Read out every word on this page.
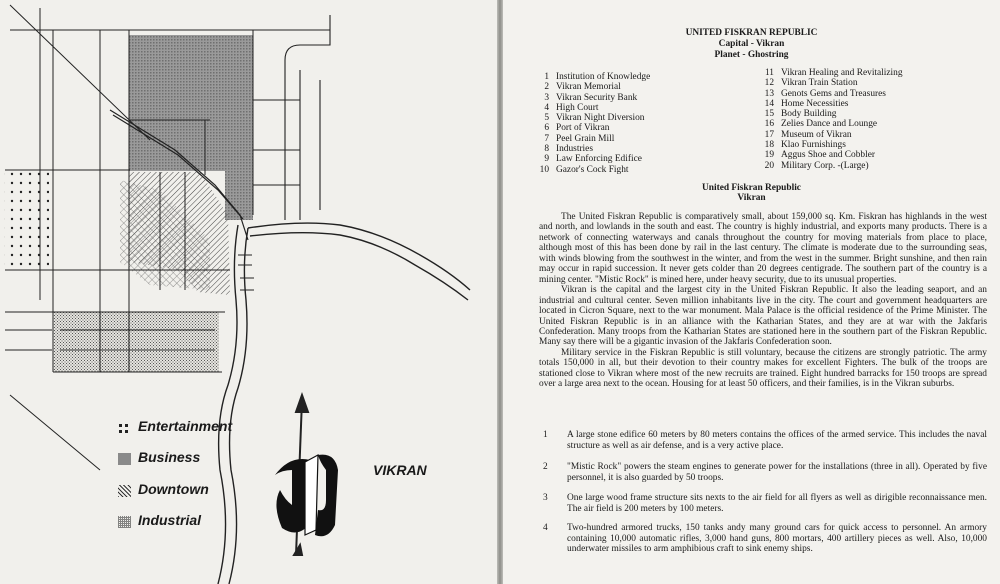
Entertainment
Business
Downtown
Industrial
VIKRAN
UNITED FISKRAN REPUBLIC
Capital - Vikran
Planet - Ghostring
1 Institution of Knowledge
2 Vikran Memorial
3 Vikran Security Bank
4 High Court
5 Vikran Night Diversion
6 Port of Vikran
7 Peel Grain Mill
8 Industries
9 Law Enforcing Edifice
10 Gazor's Cock Fight
11 Vikran Healing and Revitalizing
12 Vikran Train Station
13 Genots Gems and Treasures
14 Home Necessities
15 Body Building
16 Zelies Dance and Lounge
17 Museum of Vikran
18 Klao Furnishings
19 Aggus Shoe and Cobbler
20 Military Corp. -(Large)
United Fiskran Republic
Vikran

The United Fiskran Republic is comparatively small, about 159,000 sq. Km. Fiskran has highlands in the west and north, and lowlands in the south and east. The country is highly industrial, and exports many products. There is a network of connecting waterways and canals throughout the country for moving materials from place to place, although most of this has been done by rail in the last century. The climate is moderate due to the surrounding seas, with winds blowing from the southwest in the winter, and from the west in the summer. Bright sunshine, and then rain may occur in rapid succession. It never gets colder than 20 degrees centigrade. The southern part of the country is a mining center. "Mistic Rock" is mined here, under heavy security, due to its unusual properties.

Vikran is the capital and the largest city in the United Fiskran Republic. It also the leading seaport, and an industrial and cultural center. Seven million inhabitants live in the city. The court and government headquarters are located in Cicron Square, next to the war monument. Mala Palace is the official residence of the Prime Minister. The United Fiskran Republic is in an alliance with the Katharian States, and they are at war with the Jakfaris Confederation. Many troops from the Katharian States are stationed here in the southern part of the Fiskran Republic. Many say there will be a gigantic invasion of the Jakfaris Confederation soon.

Military service in the Fiskran Republic is still voluntary, because the citizens are strongly patriotic. The army totals 150,000 in all, but their devotion to their country makes for excellent Fighters. The bulk of the troops are stationed close to Vikran where most of the new recruits are trained. Eight hundred barracks for 150 troops are spread over a large area next to the ocean. Housing for at least 50 officers, and their families, is in the Vikran suburbs.

1 A large stone edifice 60 meters by 80 meters contains the offices of the armed service. This includes the naval structure as well as air defense, and is a very active place.
2 "Mistic Rock" powers the steam engines to generate power for the installations (three in all). Operated by five personnel, it is also guarded by 50 troops.
3 One large wood frame structure sits nexts to the air field for all flyers as well as dirigible reconnaissance men. The air field is 200 meters by 100 meters.
4 Two-hundred armored trucks, 150 tanks andy many ground cars for quick access to personnel. An armory containing 10,000 automatic rifles, 3,000 hand guns, 800 mortars, 400 artillery pieces as well. Also, 10,000 underwater missiles to arm amphibious craft to sink enemy ships.
